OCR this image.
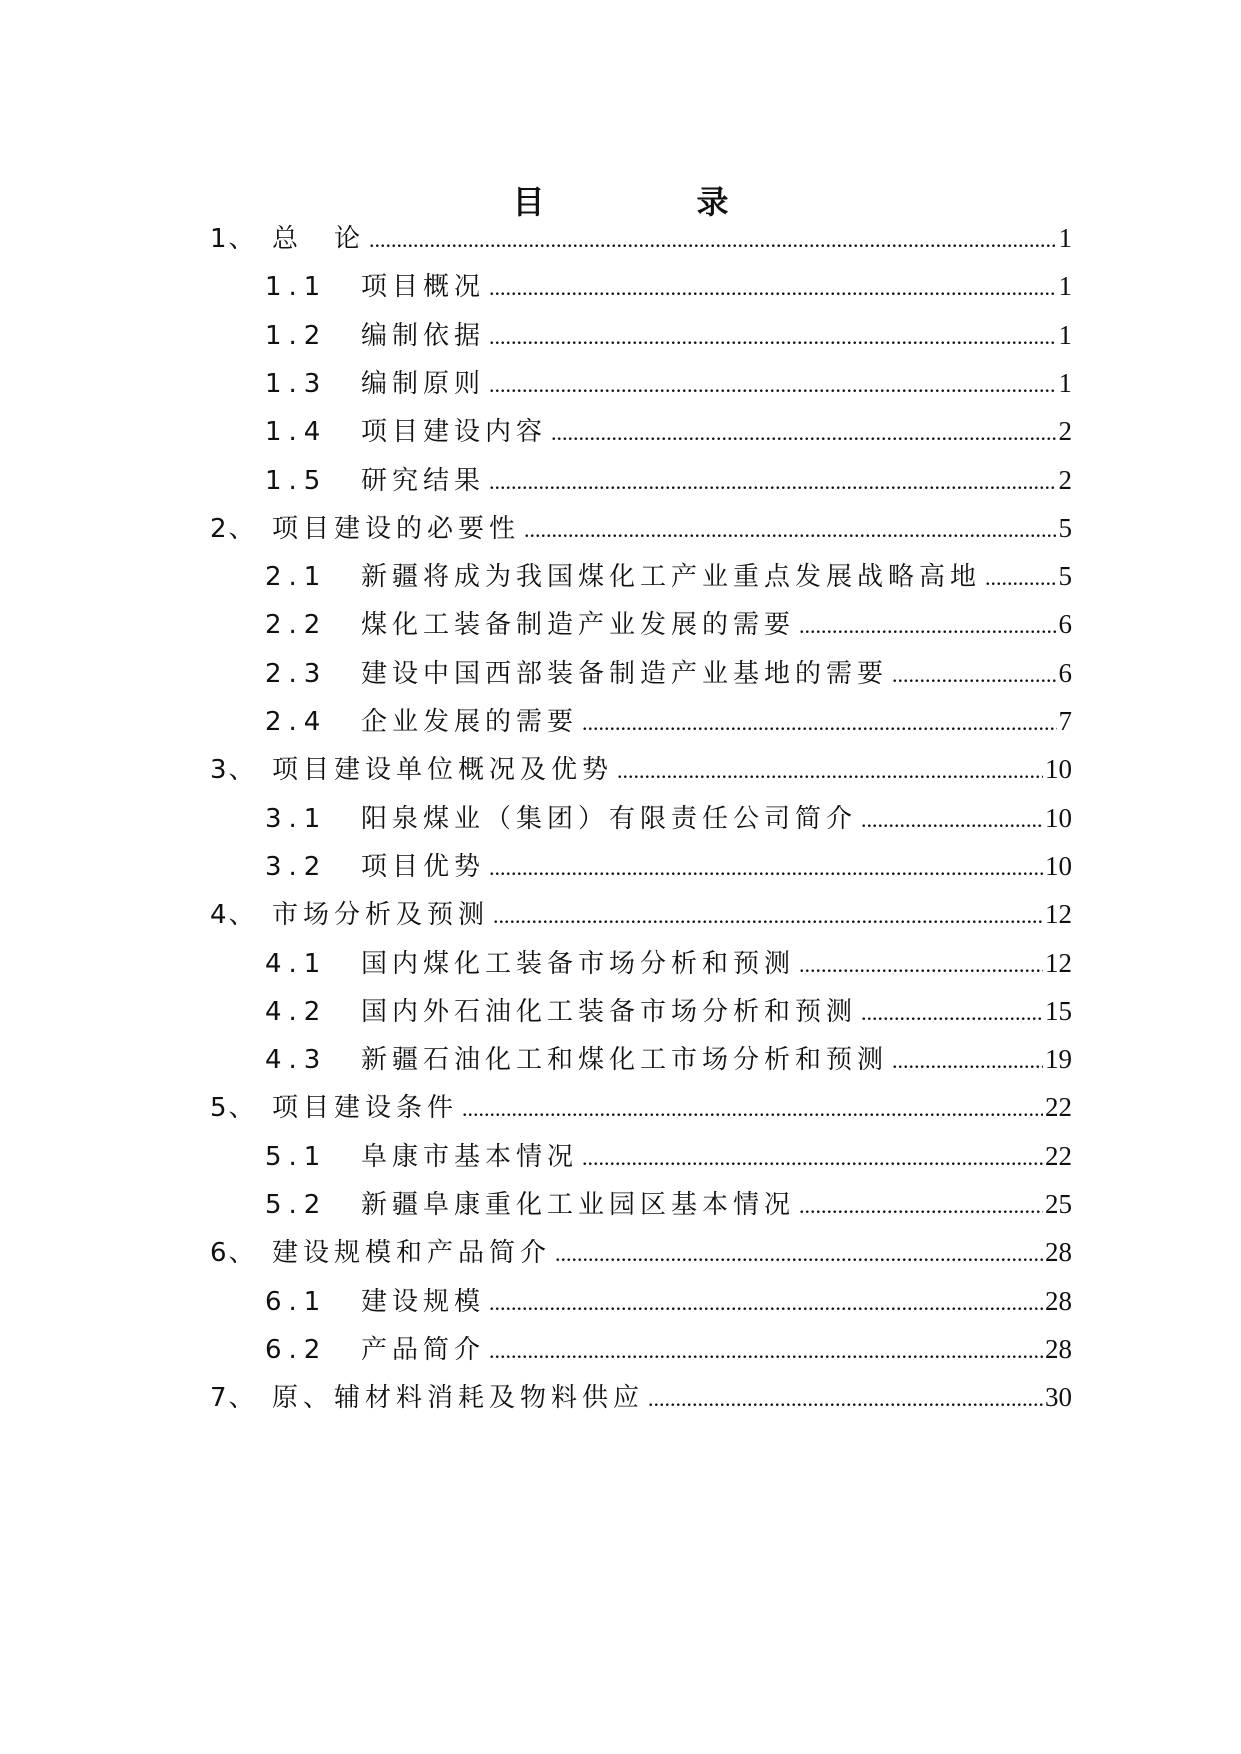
目　录
1、 总　论 .....	1
1.1	项目概况 .....	1
1.2	编制依据 .....	1
1.3	编制原则 .....	1
1.4	项目建设内容 .....	2
1.5	研究结果 .....	2
2、 项目建设的必要性 .....	5
2.1	新疆将成为我国煤化工产业重点发展战略高地 .....	5
2.2	煤化工装备制造产业发展的需要 .....	6
2.3	建设中国西部装备制造产业基地的需要 .....	6
2.4	企业发展的需要 .....	7
3、 项目建设单位概况及优势 .....	10
3.1	阳泉煤业（集团）有限责任公司简介 .....	10
3.2	项目优势 .....	10
4、 市场分析及预测 .....	12
4.1	国内煤化工装备市场分析和预测 .....	12
4.2	国内外石油化工装备市场分析和预测 .....	15
4.3	新疆石油化工和煤化工市场分析和预测 .....	19
5、 项目建设条件 .....	22
5.1	阜康市基本情况 .....	22
5.2	新疆阜康重化工业园区基本情况 .....	25
6、 建设规模和产品简介 .....	28
6.1	建设规模 .....	28
6.2	产品简介 .....	28
7、 原、辅材料消耗及物料供应 .....	30
